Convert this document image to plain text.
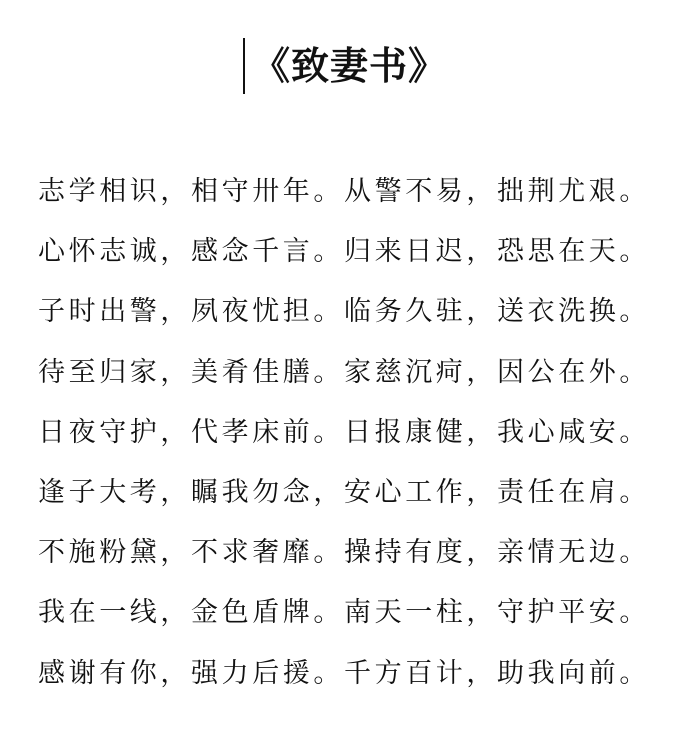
《致妻书》
志学相识，相守卅年。从警不易，拙荆尤艰。
心怀志诚，感念千言。归来日迟，恐思在天。
子时出警，夙夜忧担。临务久驻，送衣洗换。
待至归家，美肴佳膳。家慈沉疴，因公在外。
日夜守护，代孝床前。日报康健，我心咸安。
逢子大考，瞩我勿念，安心工作，责任在肩。
不施粉黛，不求奢靡。操持有度，亲情无边。
我在一线，金色盾牌。南天一柱，守护平安。
感谢有你，强力后援。千方百计，助我向前。
